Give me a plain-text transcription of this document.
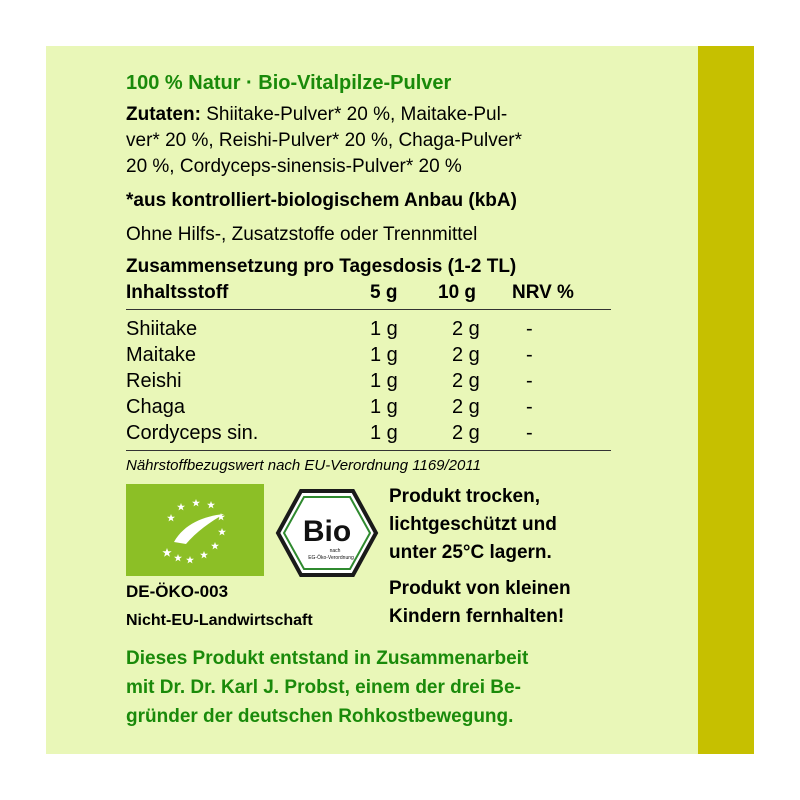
100 % Natur · Bio-Vitalpilze-Pulver
Zutaten: Shiitake-Pulver* 20 %, Maitake-Pul-
ver* 20 %, Reishi-Pulver* 20 %, Chaga-Pulver*
20 %, Cordyceps-sinensis-Pulver* 20 %
*aus kontrolliert-biologischem Anbau (kbA)
Ohne Hilfs-, Zusatzstoffe oder Trennmittel
Zusammensetzung pro Tagesdosis (1-2 TL)
Inhaltsstoff	5 g 10 g NRV %
Shiitake	1 g	2 g -
Maitake	1 g	2 g -
Reishi	1 g	2 g -
Chaga	1 g	2 g -
Cordyceps sin.	1 g	2 g -
Nährstoffbezugswert nach EU-Verordnung 1169/2011
Bio
nach
EG-Öko-Verordnung
DE-ÖKO-003
Nicht-EU-Landwirtschaft
Produkt trocken,
lichtgeschützt und
unter 25°C lagern.
Produkt von kleinen
Kindern fernhalten!
Dieses Produkt entstand in Zusammenarbeit
mit Dr. Dr. Karl J. Probst, einem der drei Be-
gründer der deutschen Rohkostbewegung.
